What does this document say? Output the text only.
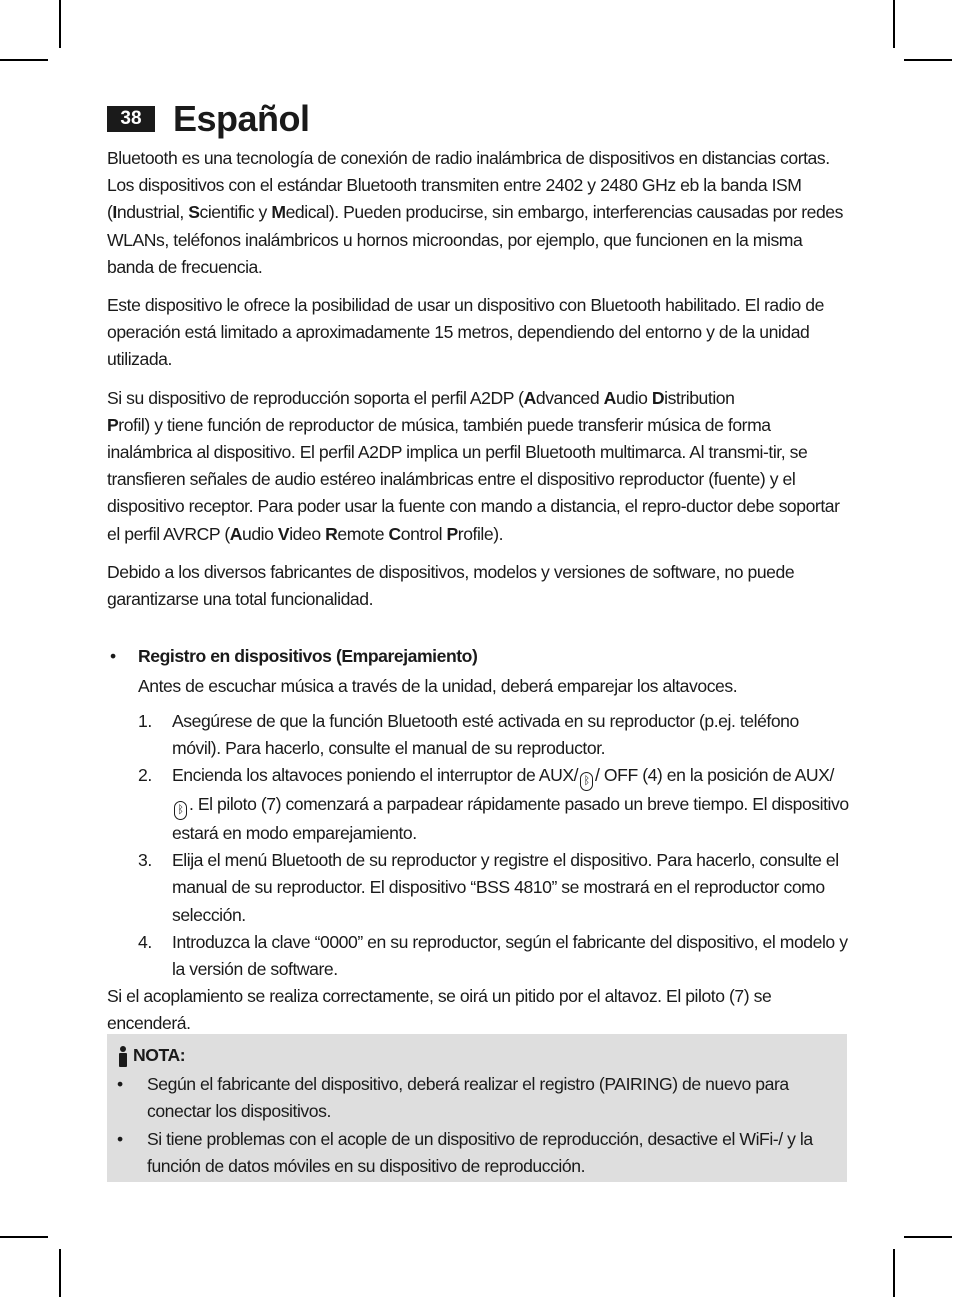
38 Español

Bluetooth es una tecnología de conexión de radio inalámbrica de dispositivos en distancias cortas. Los dispositivos con el estándar Bluetooth transmiten entre 2402 y 2480 GHz eb la banda ISM (Industrial, Scientific y Medical). Pueden producirse, sin embargo, interferencias causadas por redes WLANs, teléfonos inalámbricos u hornos microondas, por ejemplo, que funcionen en la misma banda de frecuencia.

Este dispositivo le ofrece la posibilidad de usar un dispositivo con Bluetooth habilitado. El radio de operación está limitado a aproximadamente 15 metros, dependiendo del entorno y de la unidad utilizada.

Si su dispositivo de reproducción soporta el perfil A2DP (Advanced Audio Distribution
Profil) y tiene función de reproductor de música, también puede transferir música de forma inalámbrica al dispositivo. El perfil A2DP implica un perfil Bluetooth multimarca. Al transmi-tir, se transfieren señales de audio estéreo inalámbricas entre el dispositivo reproductor (fuente) y el dispositivo receptor. Para poder usar la fuente con mando a distancia, el repro-ductor debe soportar el perfil AVRCP (Audio Video Remote Control Profile).

Debido a los diversos fabricantes de dispositivos, modelos y versiones de software, no puede garantizarse una total funcionalidad.

• Registro en dispositivos (Emparejamiento)
Antes de escuchar música a través de la unidad, deberá emparejar los altavoces.
1. Asegúrese de que la función Bluetooth esté activada en su reproductor (p.ej. teléfono móvil). Para hacerlo, consulte el manual de su reproductor.
2. Encienda los altavoces poniendo el interruptor de AUX/ ᛒ / OFF (4) en la posición de AUX/ᛒ . El piloto (7) comenzará a parpadear rápidamente pasado un breve tiempo. El dispositivo estará en modo emparejamiento.
3. Elija el menú Bluetooth de su reproductor y registre el dispositivo. Para hacerlo, consulte el manual de su reproductor. El dispositivo “BSS 4810” se mostrará en el reproductor como selección.
4. Introduzca la clave “0000” en su reproductor, según el fabricante del dispositivo, el modelo y la versión de software.
Si el acoplamiento se realiza correctamente, se oirá un pitido por el altavoz. El piloto (7) se encenderá.
NOTA:
• Según el fabricante del dispositivo, deberá realizar el registro (PAIRING) de nuevo para conectar los dispositivos.
• Si tiene problemas con el acople de un dispositivo de reproducción, desactive el WiFi-/ y la función de datos móviles en su dispositivo de reproducción.
